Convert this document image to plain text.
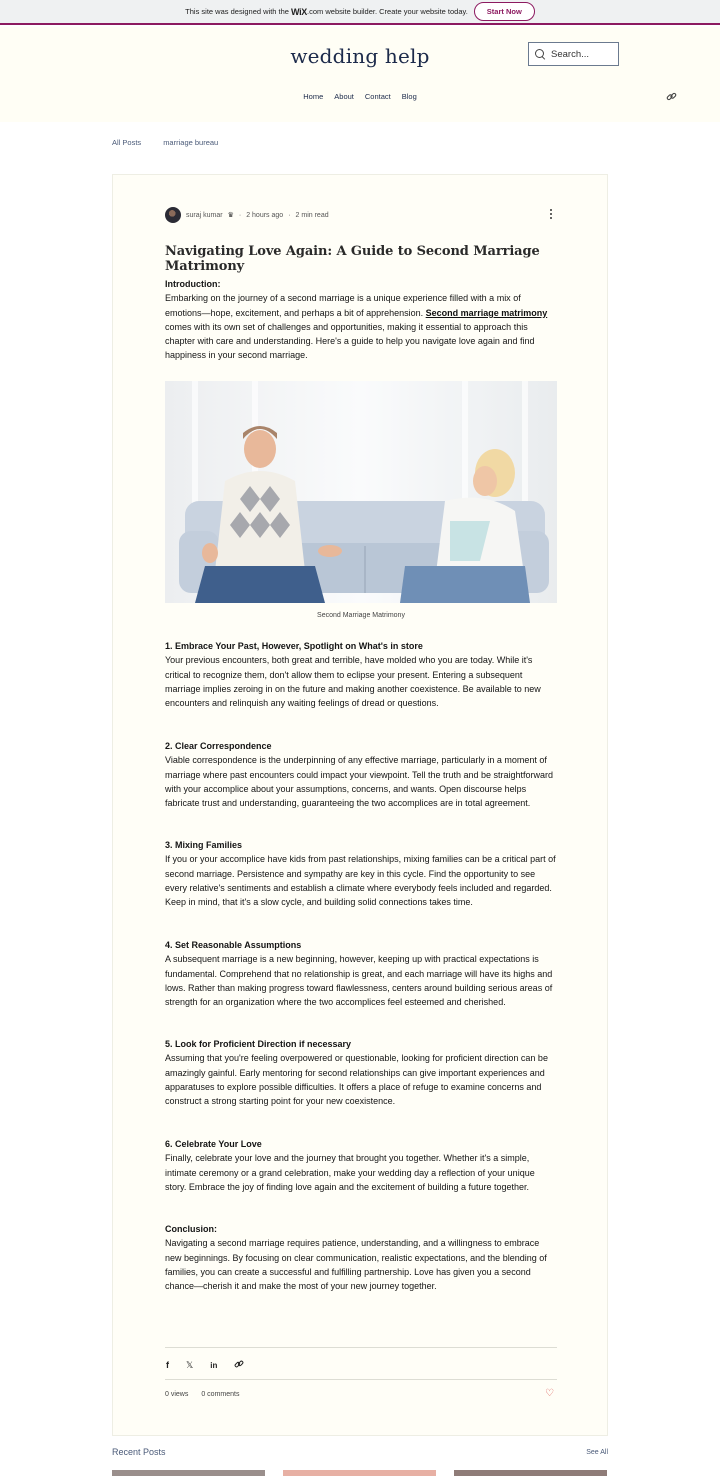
This site was designed with the WiX .com website builder. Create your website today.	Start Now
wedding help	Search...
Home About Contact Blog
All Posts	marriage bureau
suraj kumar ♛ · 2 hours ago · 2 min read
Navigating Love Again: A Guide to Second Marriage Matrimony
Introduction:
Embarking on the journey of a second marriage is a unique experience filled with a mix of emotions—hope, excitement, and perhaps a bit of apprehension. Second marriage matrimony comes with its own set of challenges and opportunities, making it essential to approach this chapter with care and understanding. Here's a guide to help you navigate love again and find happiness in your second marriage.
Second Marriage Matrimony
1. Embrace Your Past, However, Spotlight on What's in store
Your previous encounters, both great and terrible, have molded who you are today. While it's critical to recognize them, don't allow them to eclipse your present. Entering a subsequent marriage implies zeroing in on the future and making another coexistence. Be available to new encounters and relinquish any waiting feelings of dread or questions.
2. Clear Correspondence
Viable correspondence is the underpinning of any effective marriage, particularly in a moment of marriage where past encounters could impact your viewpoint. Tell the truth and be straightforward with your accomplice about your assumptions, concerns, and wants. Open discourse helps fabricate trust and understanding, guaranteeing the two accomplices are in total agreement.
3. Mixing Families
If you or your accomplice have kids from past relationships, mixing families can be a critical part of second marriage. Persistence and sympathy are key in this cycle. Find the opportunity to see every relative's sentiments and establish a climate where everybody feels included and regarded. Keep in mind, that it's a slow cycle, and building solid connections takes time.
4. Set Reasonable Assumptions
A subsequent marriage is a new beginning, however, keeping up with practical expectations is fundamental. Comprehend that no relationship is great, and each marriage will have its highs and lows. Rather than making progress toward flawlessness, centers around building serious areas of strength for an organization where the two accomplices feel esteemed and cherished.
5. Look for Proficient Direction if necessary
Assuming that you're feeling overpowered or questionable, looking for proficient direction can be amazingly gainful. Early mentoring for second relationships can give important experiences and apparatuses to explore possible difficulties. It offers a place of refuge to examine concerns and construct a strong starting point for your new coexistence.
6. Celebrate Your Love
Finally, celebrate your love and the journey that brought you together. Whether it's a simple, intimate ceremony or a grand celebration, make your wedding day a reflection of your unique story. Embrace the joy of finding love again and the excitement of building a future together.
Conclusion:
Navigating a second marriage requires patience, understanding, and a willingness to embrace new beginnings. By focusing on clear communication, realistic expectations, and the blending of families, you can create a successful and fulfilling partnership. Love has given you a second chance—cherish it and make the most of your new journey together.
f 𝕏 in
0 views 0 comments	♡
Recent Posts	See All
